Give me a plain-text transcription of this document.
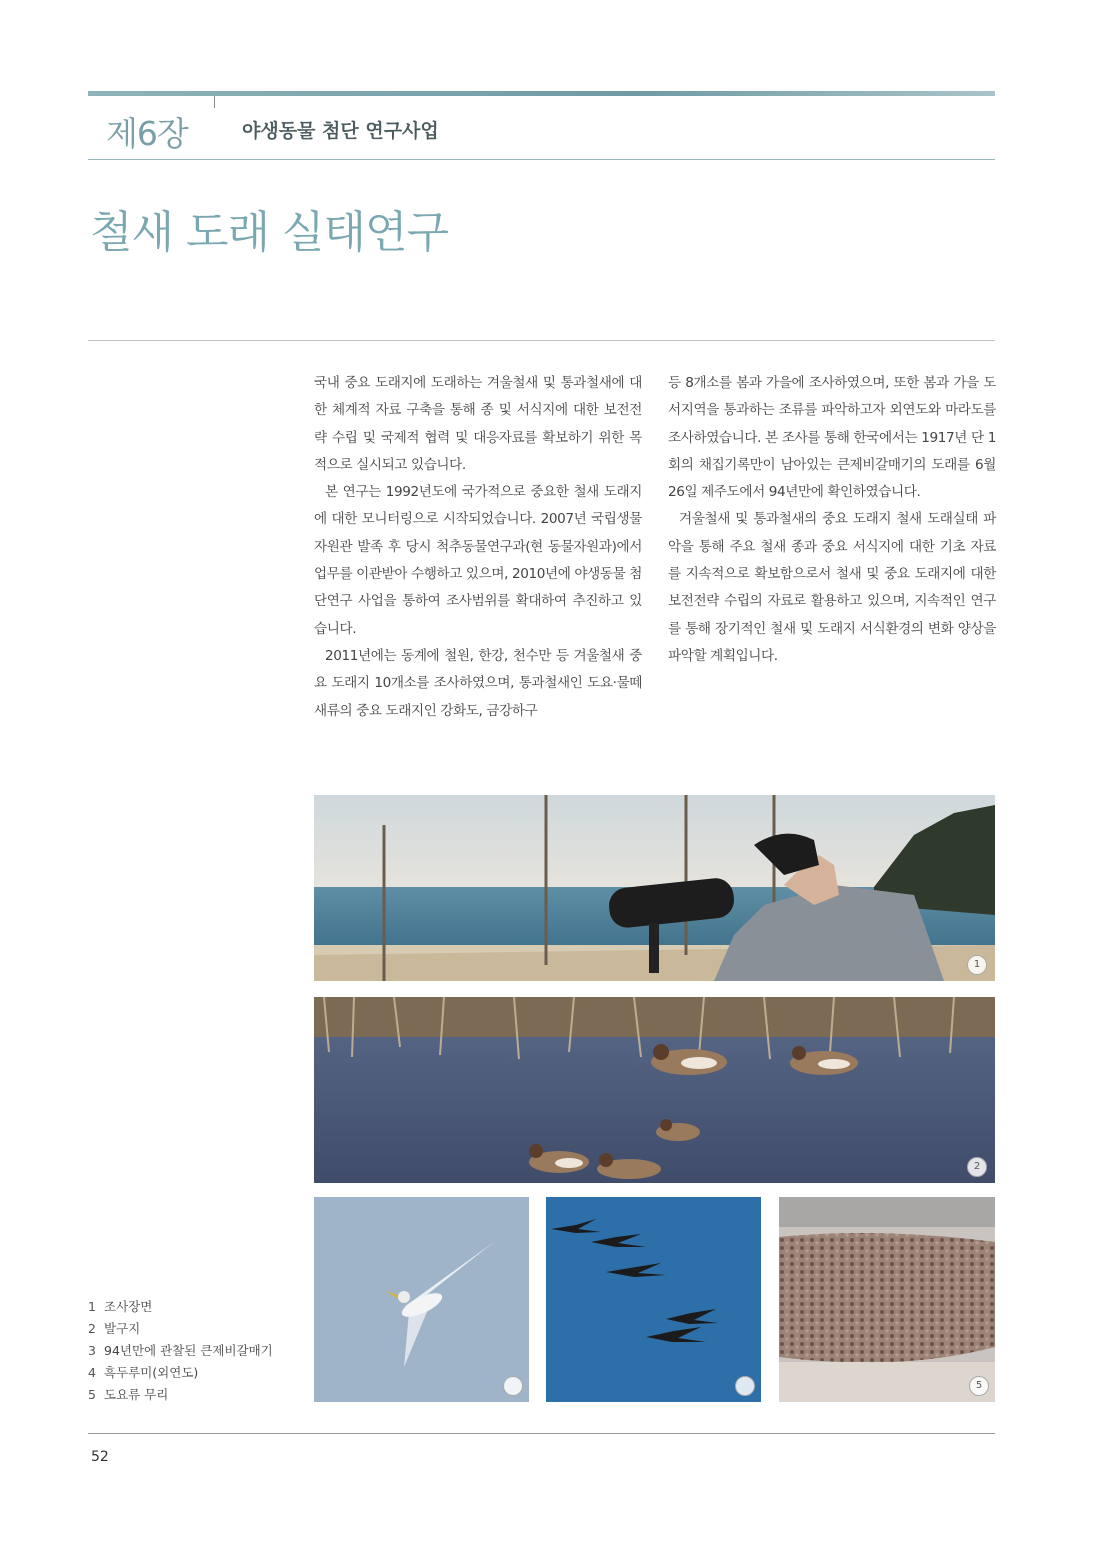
제6장	야생동물 첨단 연구사업
철새 도래 실태연구

국내 중요 도래지에 도래하는 겨울철새 및 통과철새에 대한 체계적 자료 구축을 통해 종 및 서식지에 대한 보전전략 수립 및 국제적 협력 및 대응자료를 확보하기 위한 목적으로 실시되고 있습니다.

본 연구는 1992년도에 국가적으로 중요한 철새 도래지에 대한 모니터링으로 시작되었습니다. 2007년 국립생물자원관 발족 후 당시 척추동물연구과(현 동물자원과)에서 업무를 이관받아 수행하고 있으며, 2010년에 야생동물 첨단연구 사업을 통하여 조사범위를 확대하여 추진하고 있습니다.

2011년에는 동계에 철원, 한강, 천수만 등 겨울철새 중요 도래지 10개소를 조사하였으며, 통과철새인 도요·물떼새류의 중요 도래지인 강화도, 금강하구

등 8개소를 봄과 가을에 조사하였으며, 또한 봄과 가을 도서지역을 통과하는 조류를 파악하고자 외연도와 마라도를 조사하였습니다. 본 조사를 통해 한국에서는 1917년 단 1회의 채집기록만이 남아있는 큰제비갈매기의 도래를 6월 26일 제주도에서 94년만에 확인하였습니다.

겨울철새 및 통과철새의 중요 도래지 철새 도래실태 파악을 통해 주요 철새 종과 중요 서식지에 대한 기초 자료를 지속적으로 확보함으로서 철새 및 중요 도래지에 대한 보전전략 수립의 자료로 활용하고 있으며, 지속적인 연구를 통해 장기적인 철새 및 도래지 서식환경의 변화 양상을 파악할 계획입니다.

1
2
5
1 조사장면
2 발구지
3 94년만에 관찰된 큰제비갈매기
4 흑두루미(외연도)
5 도요류 무리
52
